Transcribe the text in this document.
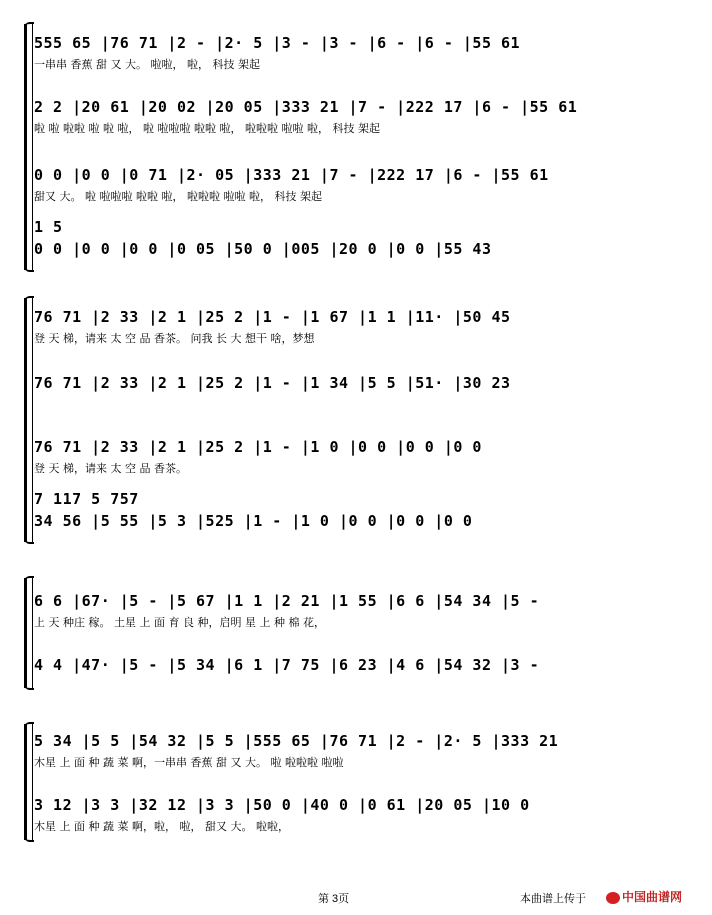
555 65 |76 71 |2 - |2· 5 |3 - |3 - |6 - |6 - |55 61
一串串 香蕉 甜 又 大。 啦啦， 啦， 科技 架起
2 2 |20 61 |20 02 |20 05 |333 21 |7 - |222 17 |6 - |55 61
啦 啦 啦啦 啦 啦 啦， 啦 啦啦啦 啦啦 啦， 啦啦啦 啦啦 啦， 科技 架起
0 0 |0 0 |0 71 |2· 05 |333 21 |7 - |222 17 |6 - |55 61
甜又 大。 啦 啦啦啦 啦啦 啦， 啦啦啦 啦啦 啦， 科技 架起
1 5
0 0 |0 0 |0 0 |0 05 |50 0 |005 |20 0 |0 0 |55 43
76 71 |2 33 |2 1 |25 2 |1 - |1 67 |1 1 |11· |50 45
登 天 梯，请来 太 空 品 香茶。 问我 长 大 想干 啥，梦想
76 71 |2 33 |2 1 |25 2 |1 - |1 34 |5 5 |51· |30 23
76 71 |2 33 |2 1 |25 2 |1 - |1 0 |0 0 |0 0 |0 0
登 天 梯，请来 太 空 品 香茶。
7 117 5 757
34 56 |5 55 |5 3 |525 |1 - |1 0 |0 0 |0 0 |0 0
6 6 |67· |5 - |5 67 |1 1 |2 21 |1 55 |6 6 |54 34 |5 -
上 天 种庄 稼。 土星 上 面 育 良 种，启明 星 上 种 棉 花，
4 4 |47· |5 - |5 34 |6 1 |7 75 |6 23 |4 6 |54 32 |3 -
5 34 |5 5 |54 32 |5 5 |555 65 |76 71 |2 - |2· 5 |333 21
木星 上 面 种 蔬 菜 啊，一串串 香蕉 甜 又 大。 啦 啦啦啦 啦啦
3 12 |3 3 |32 12 |3 3 |50 0 |40 0 |0 61 |20 05 |10 0
木星 上 面 种 蔬 菜 啊，啦， 啦， 甜又 大。 啦啦，
第 3页	本曲谱上传于	中国曲谱网
